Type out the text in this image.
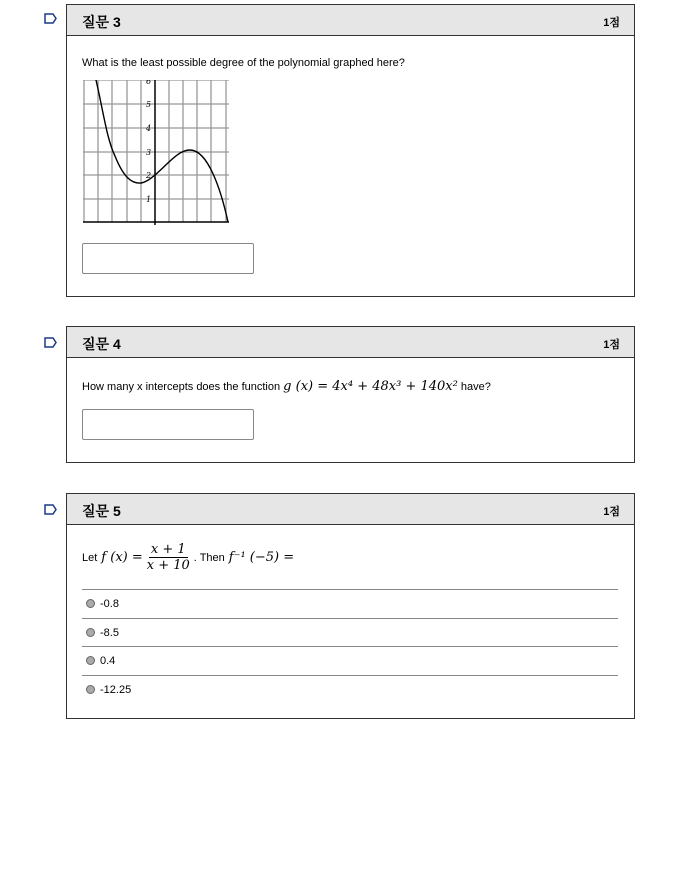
질문 3	1점
What is the least possible degree of the polynomial graphed here?
6
5
4
3
2
1
질문 4	1점
How many x intercepts does the function g (x) = 4x⁴ + 48x³ + 140x² have?
질문 5	1점
Let f $(x) = \frac{x + 1}{x + 10}$ . Then f⁻¹ (−5) =
-0.8
-8.5
0.4
-12.25
